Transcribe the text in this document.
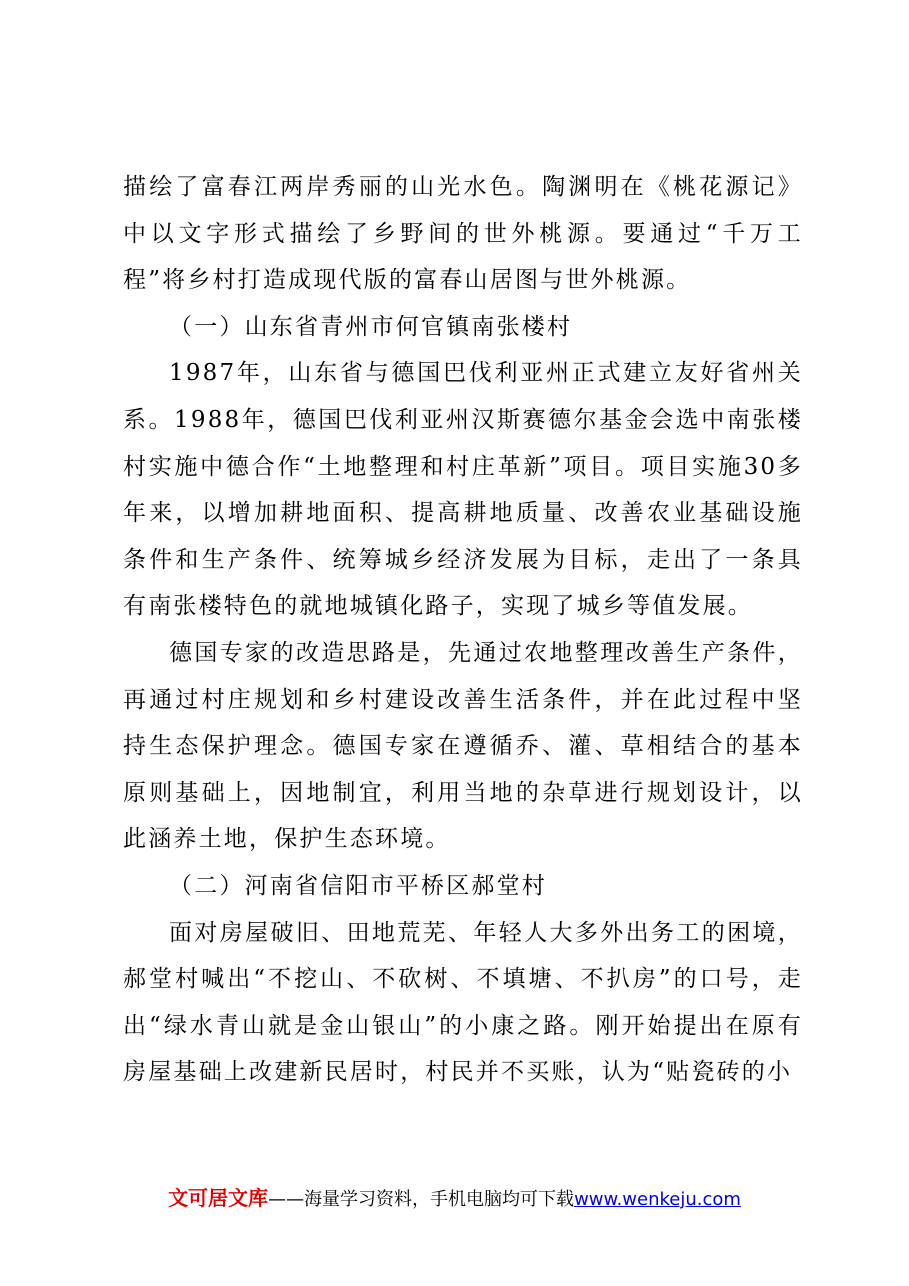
描绘了富春江两岸秀丽的山光水色。陶渊明在《桃花源记》中以文字形式描绘了乡野间的世外桃源。要通过“千万工程”将乡村打造成现代版的富春山居图与世外桃源。

（一）山东省青州市何官镇南张楼村

1987年，山东省与德国巴伐利亚州正式建立友好省州关系。1988年，德国巴伐利亚州汉斯赛德尔基金会选中南张楼村实施中德合作“土地整理和村庄革新”项目。项目实施30多年来，以增加耕地面积、提高耕地质量、改善农业基础设施条件和生产条件、统筹城乡经济发展为目标，走出了一条具有南张楼特色的就地城镇化路子，实现了城乡等值发展。

德国专家的改造思路是，先通过农地整理改善生产条件，再通过村庄规划和乡村建设改善生活条件，并在此过程中坚持生态保护理念。德国专家在遵循乔、灌、草相结合的基本原则基础上，因地制宜，利用当地的杂草进行规划设计，以此涵养土地，保护生态环境。

（二）河南省信阳市平桥区郝堂村

面对房屋破旧、田地荒芜、年轻人大多外出务工的困境，郝堂村喊出“不挖山、不砍树、不填塘、不扒房”的口号，走出“绿水青山就是金山银山”的小康之路。刚开始提出在原有房屋基础上改建新民居时，村民并不买账，认为“贴瓷砖的小

文可居文库——海量学习资料，手机电脑均可下载www.wenkeju.com
